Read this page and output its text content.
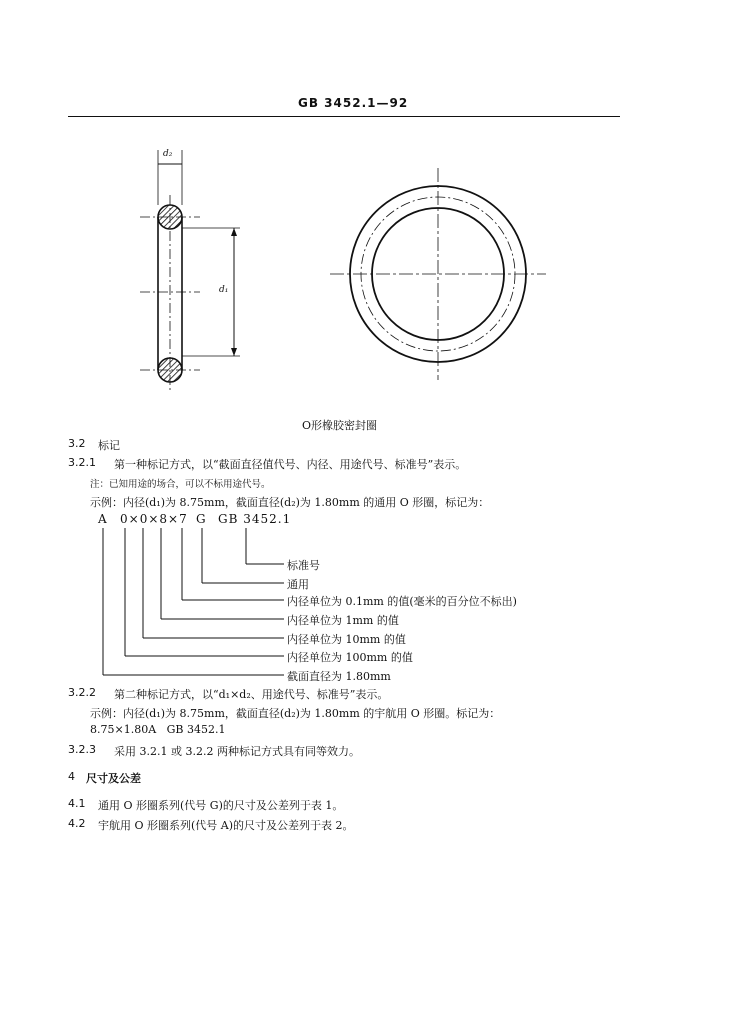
GB 3452.1—92
d₂
d₁
O形橡胶密封圈
3.2 标记
3.2.1 第一种标记方式，以“截面直径值代号、内径、用途代号、标准号”表示。
注：已知用途的场合，可以不标用途代号。
示例：内径(d₁)为 8.75mm，截面直径(d₂)为 1.80mm 的通用 O 形圈，标记为：
A 0×0×8×7 G GB 3452.1
标准号
通用
内径单位为 0.1mm 的值(毫米的百分位不标出)
内径单位为 1mm 的值
内径单位为 10mm 的值
内径单位为 100mm 的值
截面直径为 1.80mm
3.2.2 第二种标记方式，以“d₁×d₂、用途代号、标准号”表示。
示例：内径(d₁)为 8.75mm，截面直径(d₂)为 1.80mm 的宇航用 O 形圈。标记为：
8.75×1.80A   GB 3452.1
3.2.3 采用 3.2.1 或 3.2.2 两种标记方式具有同等效力。
4 尺寸及公差
4.1 通用 O 形圈系列(代号 G)的尺寸及公差列于表 1。
4.2 宇航用 O 形圈系列(代号 A)的尺寸及公差列于表 2。
